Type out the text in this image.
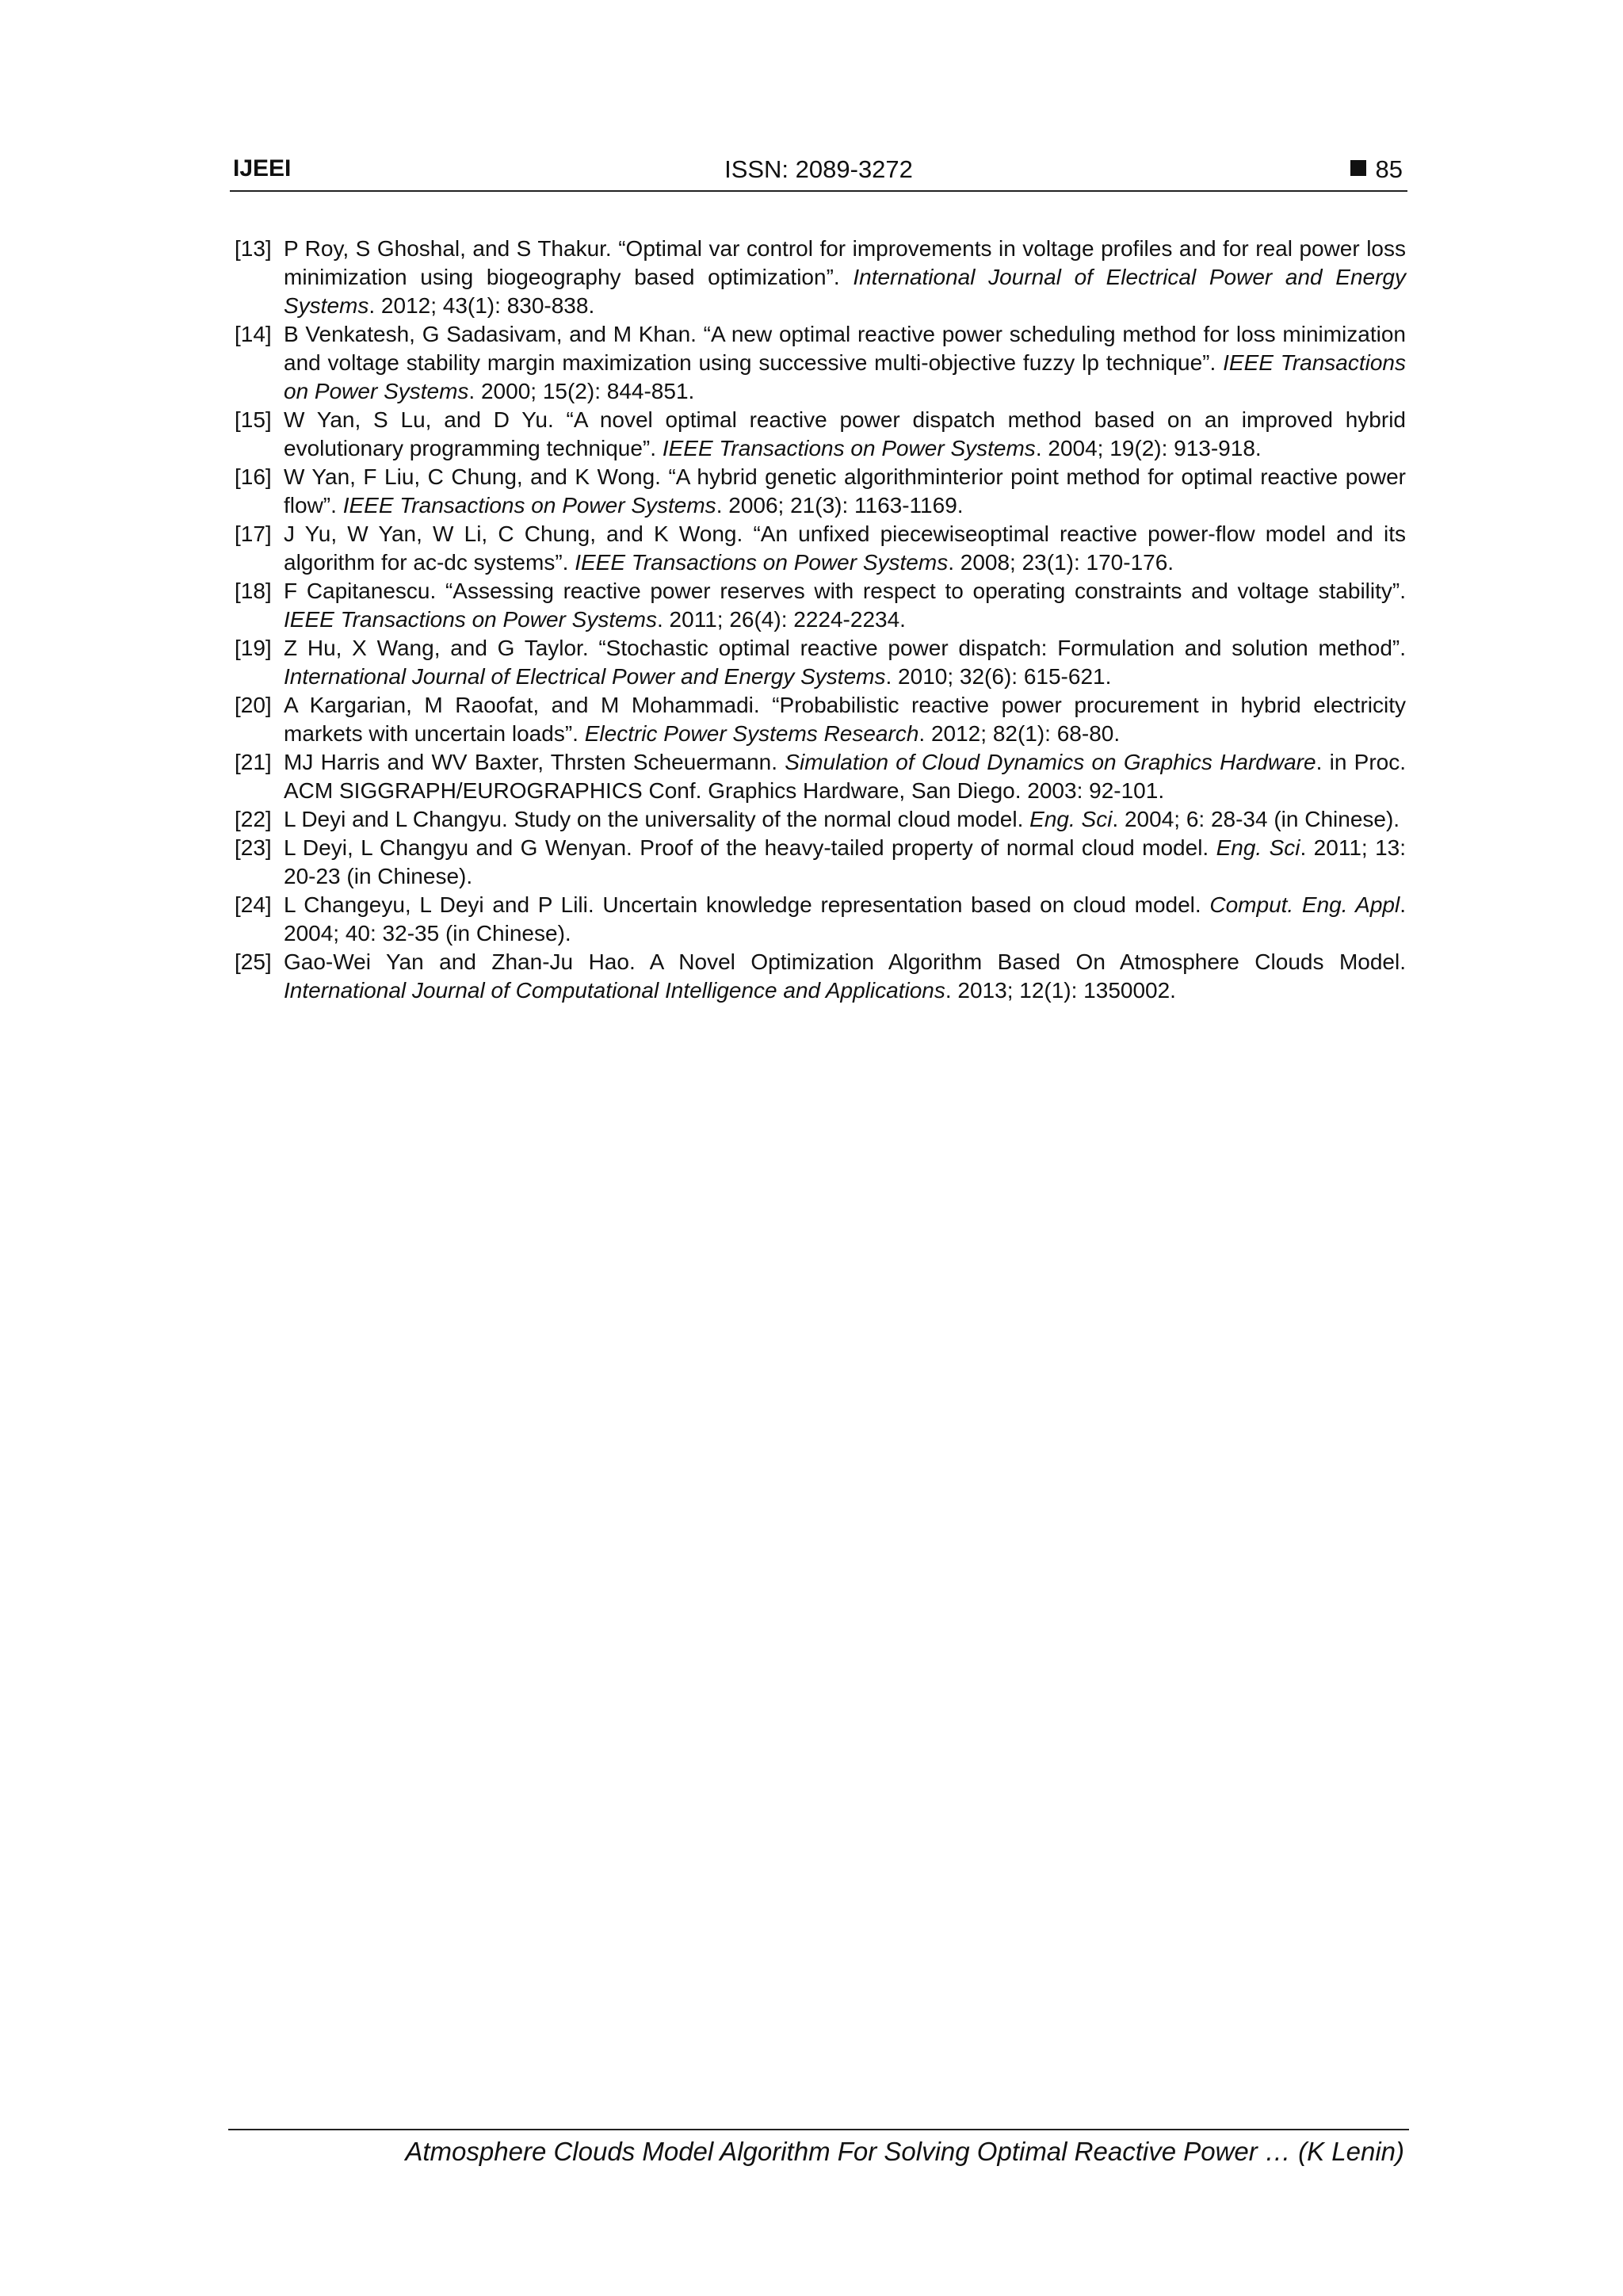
IJEEI	ISSN: 2089-3272	85
[13] P Roy, S Ghoshal, and S Thakur. “Optimal var control for improvements in voltage profiles and for real power loss minimization using biogeography based optimization”. International Journal of Electrical Power and Energy Systems. 2012; 43(1): 830-838.
[14] B Venkatesh, G Sadasivam, and M Khan. “A new optimal reactive power scheduling method for loss minimization and voltage stability margin maximization using successive multi-objective fuzzy lp technique”. IEEE Transactions on Power Systems. 2000; 15(2): 844-851.
[15] W Yan, S Lu, and D Yu. “A novel optimal reactive power dispatch method based on an improved hybrid evolutionary programming technique”. IEEE Transactions on Power Systems. 2004; 19(2): 913-918.
[16] W Yan, F Liu, C Chung, and K Wong. “A hybrid genetic algorithminterior point method for optimal reactive power flow”. IEEE Transactions on Power Systems. 2006; 21(3): 1163-1169.
[17] J Yu, W Yan, W Li, C Chung, and K Wong. “An unfixed piecewiseoptimal reactive power-flow model and its algorithm for ac-dc systems”. IEEE Transactions on Power Systems. 2008; 23(1): 170-176.
[18] F Capitanescu. “Assessing reactive power reserves with respect to operating constraints and voltage stability”. IEEE Transactions on Power Systems. 2011; 26(4): 2224-2234.
[19] Z Hu, X Wang, and G Taylor. “Stochastic optimal reactive power dispatch: Formulation and solution method”. International Journal of Electrical Power and Energy Systems. 2010; 32(6): 615-621.
[20] A Kargarian, M Raoofat, and M Mohammadi. “Probabilistic reactive power procurement in hybrid electricity markets with uncertain loads”. Electric Power Systems Research. 2012; 82(1): 68-80.
[21] MJ Harris and WV Baxter, Thrsten Scheuermann. Simulation of Cloud Dynamics on Graphics Hardware. in Proc. ACM SIGGRAPH/EUROGRAPHICS Conf. Graphics Hardware, San Diego. 2003: 92-101.
[22] L Deyi and L Changyu. Study on the universality of the normal cloud model. Eng. Sci. 2004; 6: 28-34 (in Chinese).
[23] L Deyi, L Changyu and G Wenyan. Proof of the heavy-tailed property of normal cloud model. Eng. Sci. 2011; 13: 20-23 (in Chinese).
[24] L Changeyu, L Deyi and P Lili. Uncertain knowledge representation based on cloud model. Comput. Eng. Appl. 2004; 40: 32-35 (in Chinese).
[25] Gao-Wei Yan and Zhan-Ju Hao. A Novel Optimization Algorithm Based On Atmosphere Clouds Model. International Journal of Computational Intelligence and Applications. 2013; 12(1): 1350002.
Atmosphere Clouds Model Algorithm For Solving Optimal Reactive Power … (K Lenin)
